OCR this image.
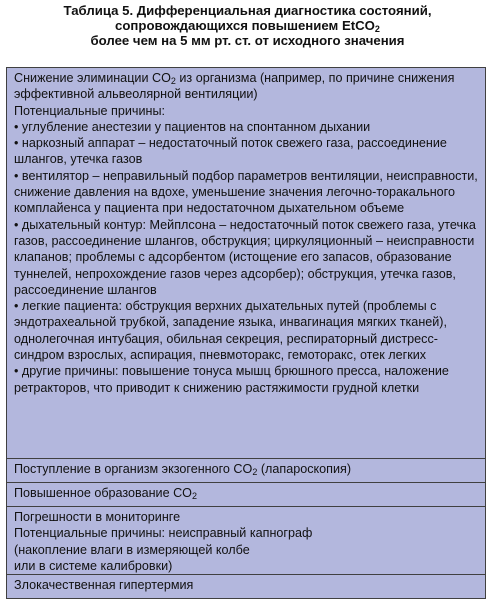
Таблица 5. Дифференциальная диагностика состояний,
сопровождающихся повышением EtCO$_2$
более чем на 5 мм рт. ст. от исходного значения

Снижение элиминации $CO_2$ из организма (например, по причине снижения эффективной альвеолярной вентиляции)

Потенциальные причины:

• углубление анестезии у пациентов на спонтанном дыхании

• наркозный аппарат – недостаточный поток свежего газа, рассоединение шлангов, утечка газов

• вентилятор – неправильный подбор параметров вентиляции, неисправности, снижение давления на вдохе, уменьшение значения легочно-торакального комплайенса у пациента при недостаточном дыхательном объеме

• дыхательный контур: Мейплсона – недостаточный поток свежего газа, утечка газов, рассоединение шлангов, обструкция; циркуляционный – неисправности клапанов; проблемы с адсорбентом (истощение его запасов, образование туннелей, непрохождение газов через адсорбер); обструкция, утечка газов, рассоединение шлангов

• легкие пациента: обструкция верхних дыхательных путей (проблемы с эндотрахеальной трубкой, западение языка, инвагинация мягких тканей), однолегочная интубация, обильная секреция, респираторный дистресс-синдром взрослых, аспирация, пневмоторакс, гемоторакс, отек легких

• другие причины: повышение тонуса мышц брюшного пресса, наложение ретракторов, что приводит к снижению растяжимости грудной клетки

Поступление в организм экзогенного $CO_2$ (лапароскопия)
Повышенное образование $CO_2$

Погрешности в мониторинге

Потенциальные причины: неисправный капнограф

(накопление влаги в измеряющей колбе

или в системе калибровки)

Злокачественная гипертермия
